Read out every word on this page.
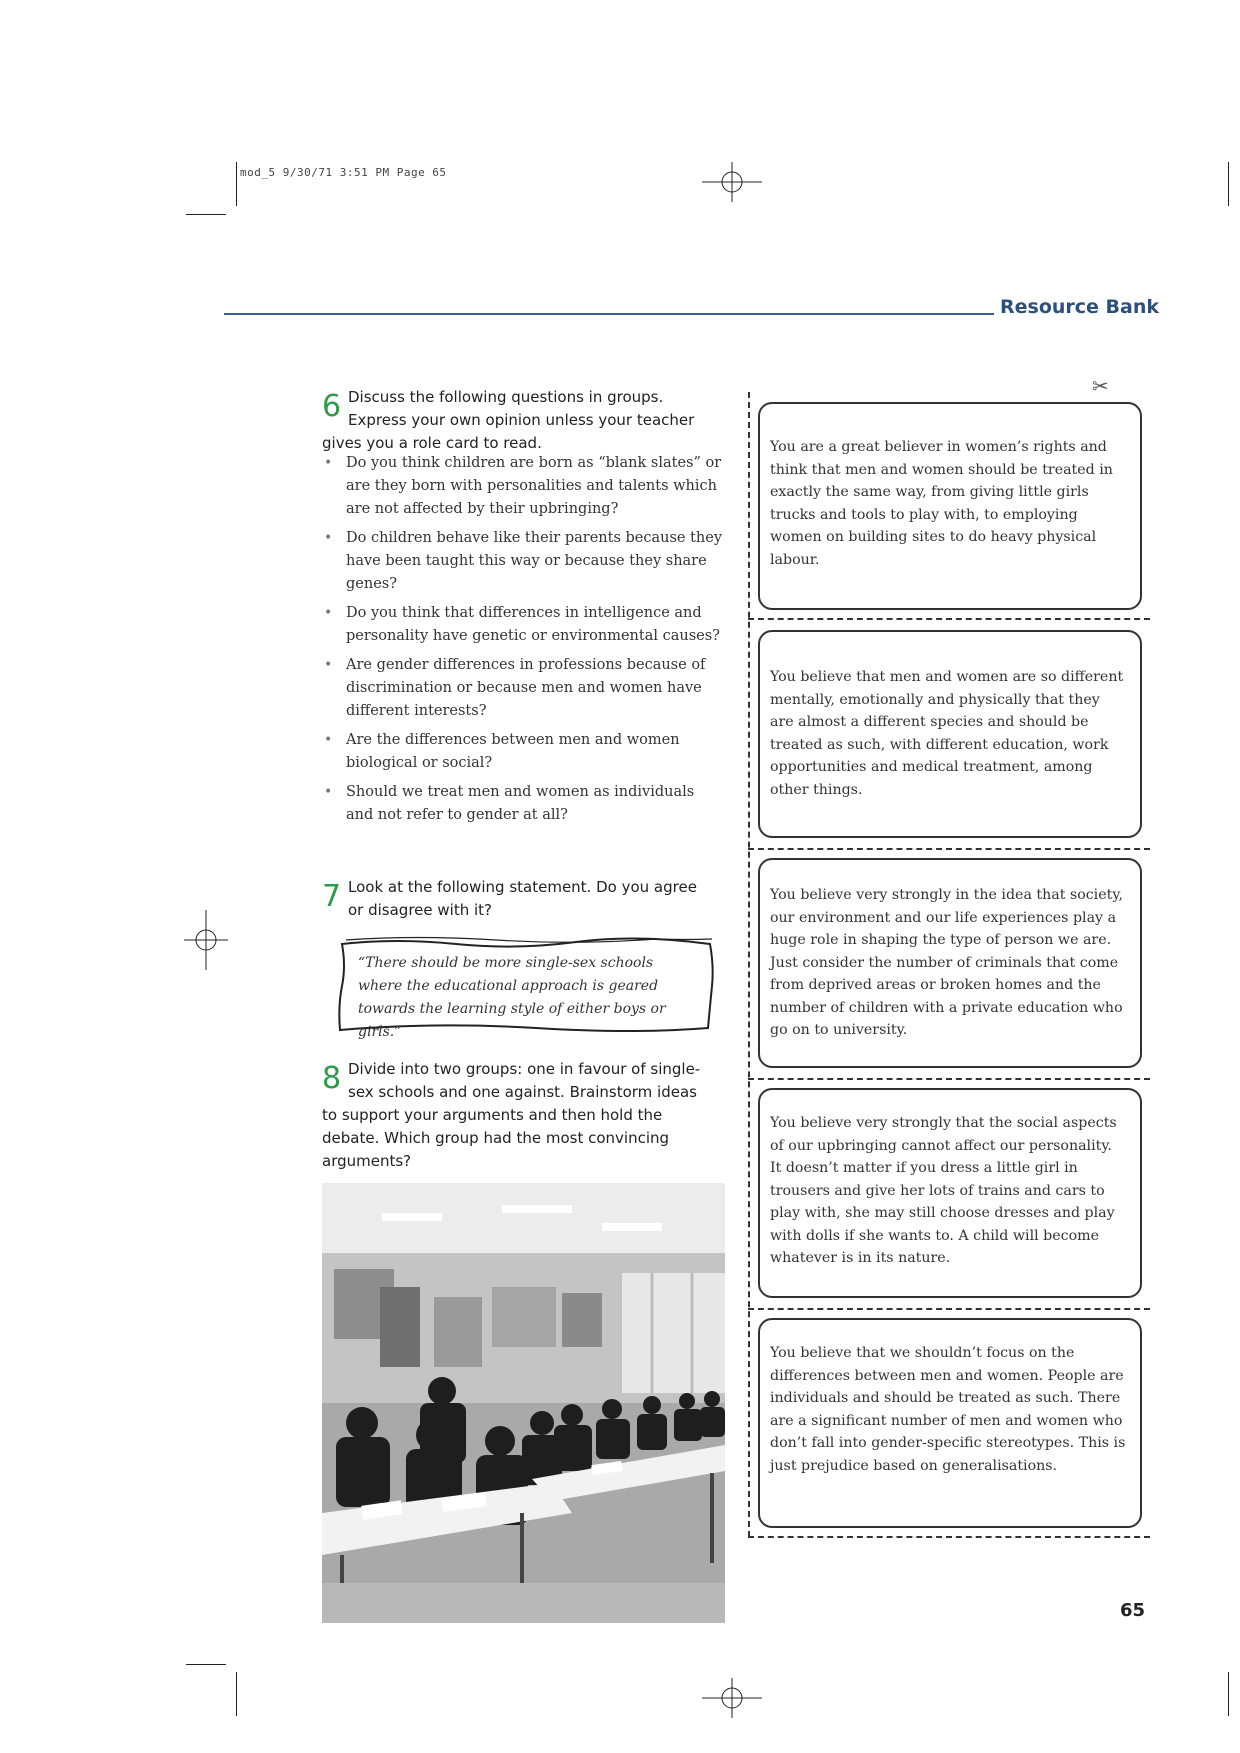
mod_5 9/30/71 3:51 PM Page 65
Resource Bank
6 Discuss the following questions in groups.
Express your own opinion unless your teacher
gives you a role card to read.
• Do you think children are born as “blank slates” or are they born with personalities and talents which are not affected by their upbringing?
• Do children behave like their parents because they have been taught this way or because they share genes?
• Do you think that differences in intelligence and personality have genetic or environmental causes?
• Are gender differences in professions because of discrimination or because men and women have different interests?
• Are the differences between men and women biological or social?
• Should we treat men and women as individuals and not refer to gender at all?
7 Look at the following statement. Do you agree
or disagree with it?
“There should be more single-sex schools where the educational approach is geared towards the learning style of either boys or girls.”
8 Divide into two groups: one in favour of single-
sex schools and one against. Brainstorm ideas
to support your arguments and then hold the
debate. Which group had the most convincing
arguments?
✂
You are a great believer in women’s rights and think that men and women should be treated in exactly the same way, from giving little girls trucks and tools to play with, to employing women on building sites to do heavy physical labour.
You believe that men and women are so different mentally, emotionally and physically that they are almost a different species and should be treated as such, with different education, work opportunities and medical treatment, among other things.
You believe very strongly in the idea that society, our environment and our life experiences play a huge role in shaping the type of person we are. Just consider the number of criminals that come from deprived areas or broken homes and the number of children with a private education who go on to university.
You believe very strongly that the social aspects of our upbringing cannot affect our personality. It doesn’t matter if you dress a little girl in trousers and give her lots of trains and cars to play with, she may still choose dresses and play with dolls if she wants to. A child will become whatever is in its nature.
You believe that we shouldn’t focus on the differences between men and women. People are individuals and should be treated as such. There are a significant number of men and women who don’t fall into gender-specific stereotypes. This is just prejudice based on generalisations.
65
